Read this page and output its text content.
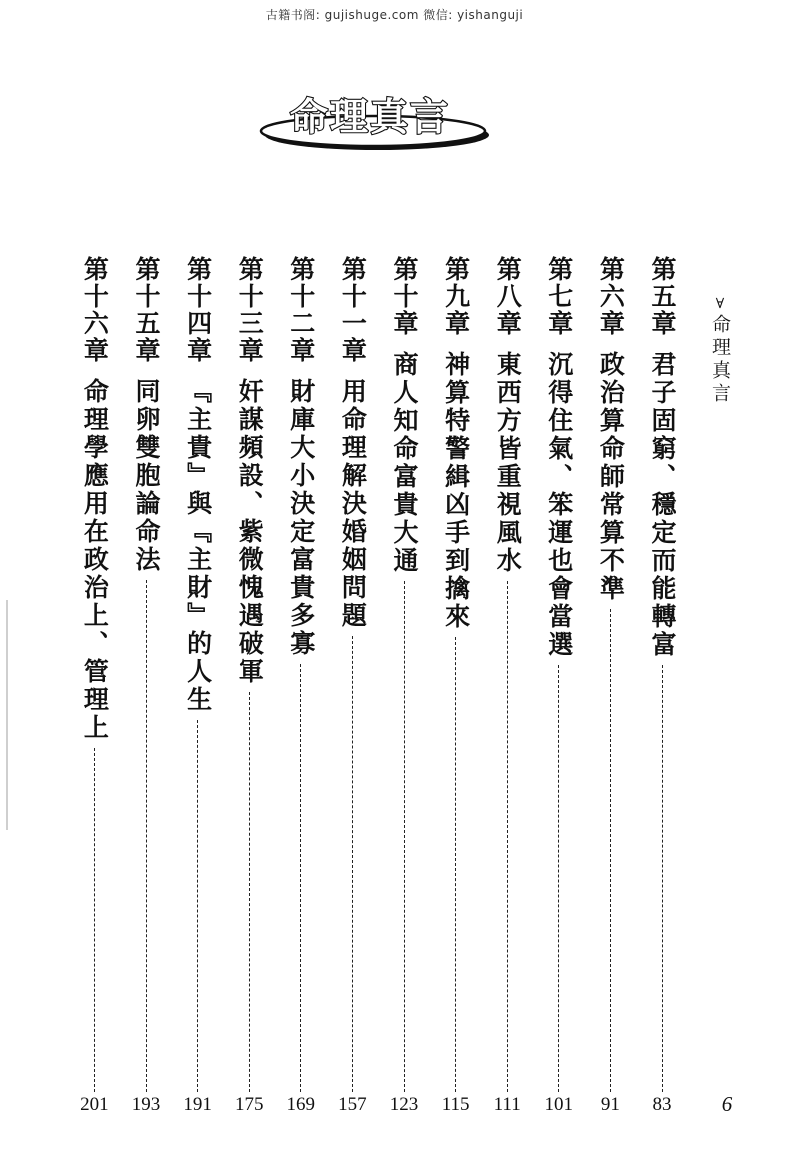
古籍书阁: gujishuge.com 微信: yishanguji
命理真言
∀
命理真言
第五章
君子固窮、穩定而能轉富
83
第六章
政治算命師常算不準
91
第七章
沉得住氣、笨運也會當選
101
第八章
東西方皆重視風水
111
第九章
神算特警緝凶手到擒來
115
第十章
商人知命富貴大通
123
第十一章
用命理解決婚姻問題
157
第十二章
財庫大小決定富貴多寡
169
第十三章
奸謀頻設、紫微愧遇破軍
175
第十四章
『主貴』與『主財』的人生
191
第十五章
同卵雙胞論命法
193
第十六章
命理學應用在政治上、管理上
201	6
